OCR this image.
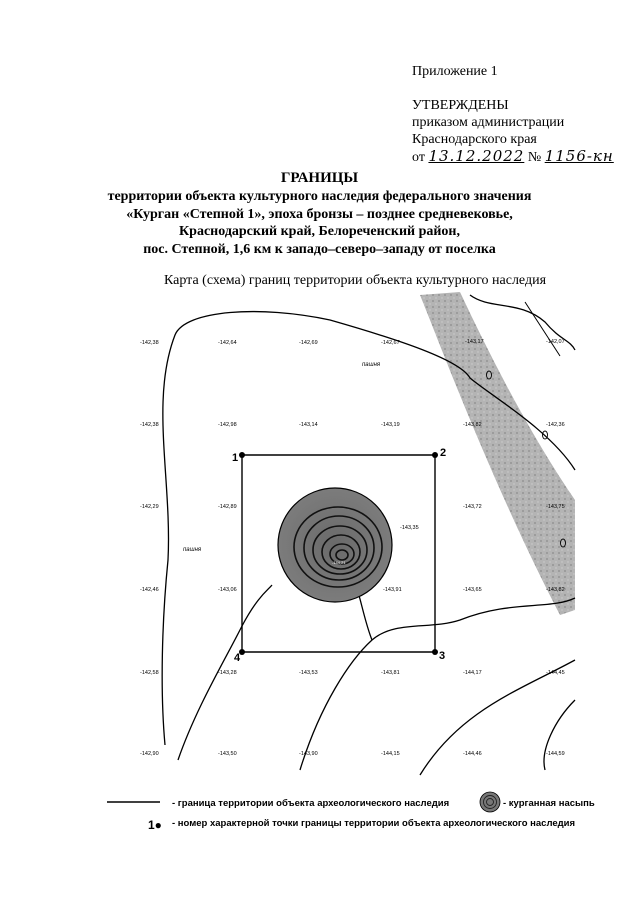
Приложение 1
УТВЕРЖДЕНЫ
приказом администрации
Краснодарского края
от 13.12.2022 № 1156-кн
ГРАНИЦЫ
территории объекта культурного наследия федерального значения
«Курган «Степной 1», эпоха бронзы – позднее средневековье,
Краснодарский край, Белореченский район,
пос. Степной, 1,6 км к западо–северо–западу от поселка
Карта (схема) границ территории объекта культурного наследия
1	2
3
4
-142,38	-142,64	-142,69	-142,67	-143,17	-142,07
-142,38	-142,98	-143,14	-143,19	-143,82	-142,36
-142,29	-142,89
-143,35
-143,72	-143,75
-142,46	-143,06	-143,91	-143,65	-143,82
-142,58	-143,28	-143,53	-143,81	-144,17	-144,45
-142,90	-143,50	-143,90	-144,15	-144,46	-144,59
-144,21
пашня
пашня
- граница территории объекта археологического наследия	- курганная насыпь
1● - номер характерной точки границы территории объекта археологического наследия
